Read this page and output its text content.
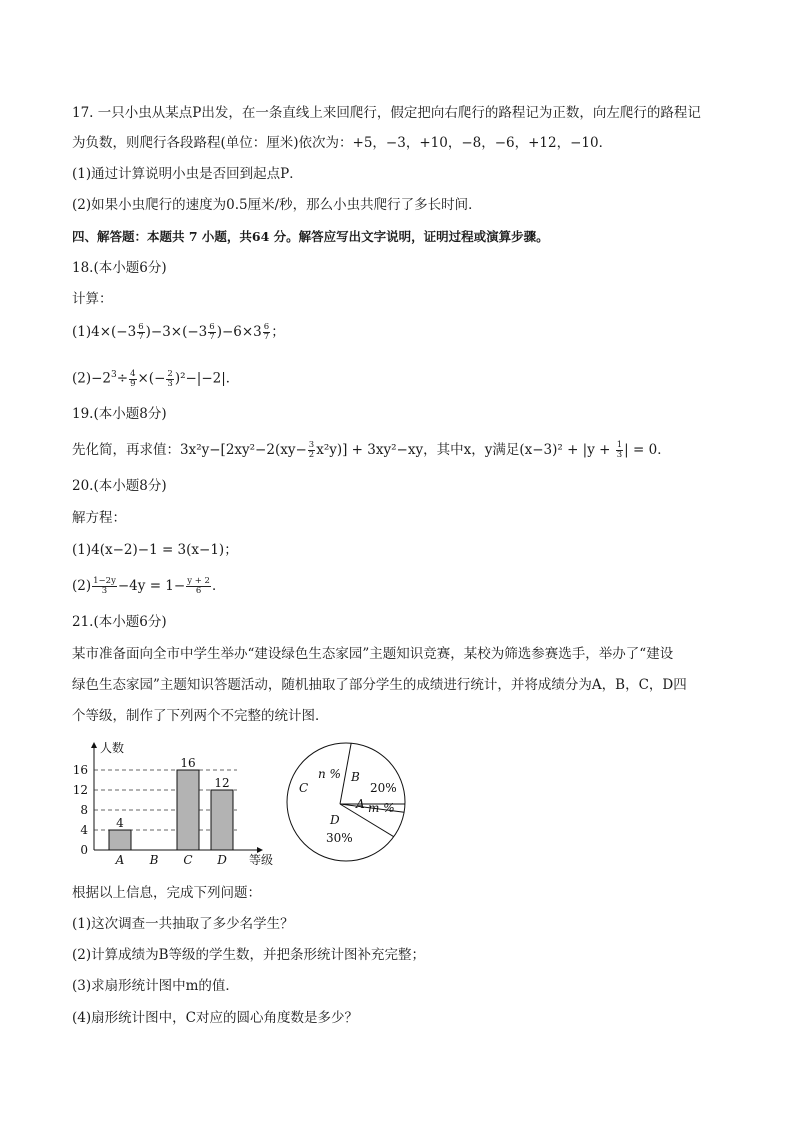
17. 一只小虫从某点P出发，在一条直线上来回爬行，假定把向右爬行的路程记为正数，向左爬行的路程记
为负数，则爬行各段路程(单位：厘米)依次为：+5，−3，+10，−8，−6，+12，−10．
(1)通过计算说明小虫是否回到起点P．
(2)如果小虫爬行的速度为0.5厘米/秒，那么小虫共爬行了多长时间．
四、解答题：本题共 7 小题，共64 分。解答应写出文字说明，证明过程或演算步骤。
18.(本小题6分)
计算：
$(1)4\times(-3 \frac{6}{7} )-3\times(-3 \frac{6}{7} )-6\times 3 \frac{6}{7}$ ；
$(2)-2^3\div \frac{4}{9}$ ×(− $\frac{2}{3} )^2-|-2|$．
19.(本小题8分)
先化简，再求值：$3x^2y-[2xy^2-2(xy- \frac{3}{2} x^2y)] + 3xy^2-xy$，其中x，y满足$(x-3)^2 + |y + \frac{1}{3}$ | = 0．
20.(本小题8分)
解方程：
(1)4(x−2)−1 = 3(x−1)；
$(2) \frac{1-2y}{3} -4y = 1- \frac{y + 2}{6}$ ．
21.(本小题6分)
某市准备面向全市中学生举办“建设绿色生态家园”主题知识竞赛，某校为筛选参赛选手，举办了“建设
绿色生态家园”主题知识答题活动，随机抽取了部分学生的成绩进行统计，并将成绩分为A，B，C，D四
个等级，制作了下列两个不完整的统计图．
人数
等级
0
4
8
12
16
A
4
B C
16
D
12	C
n % B
20%
A m %
D
30%
根据以上信息，完成下列问题：
(1)这次调查一共抽取了多少名学生？
(2)计算成绩为B等级的学生数，并把条形统计图补充完整；
(3)求扇形统计图中m的值．
(4)扇形统计图中，C对应的圆心角度数是多少？
